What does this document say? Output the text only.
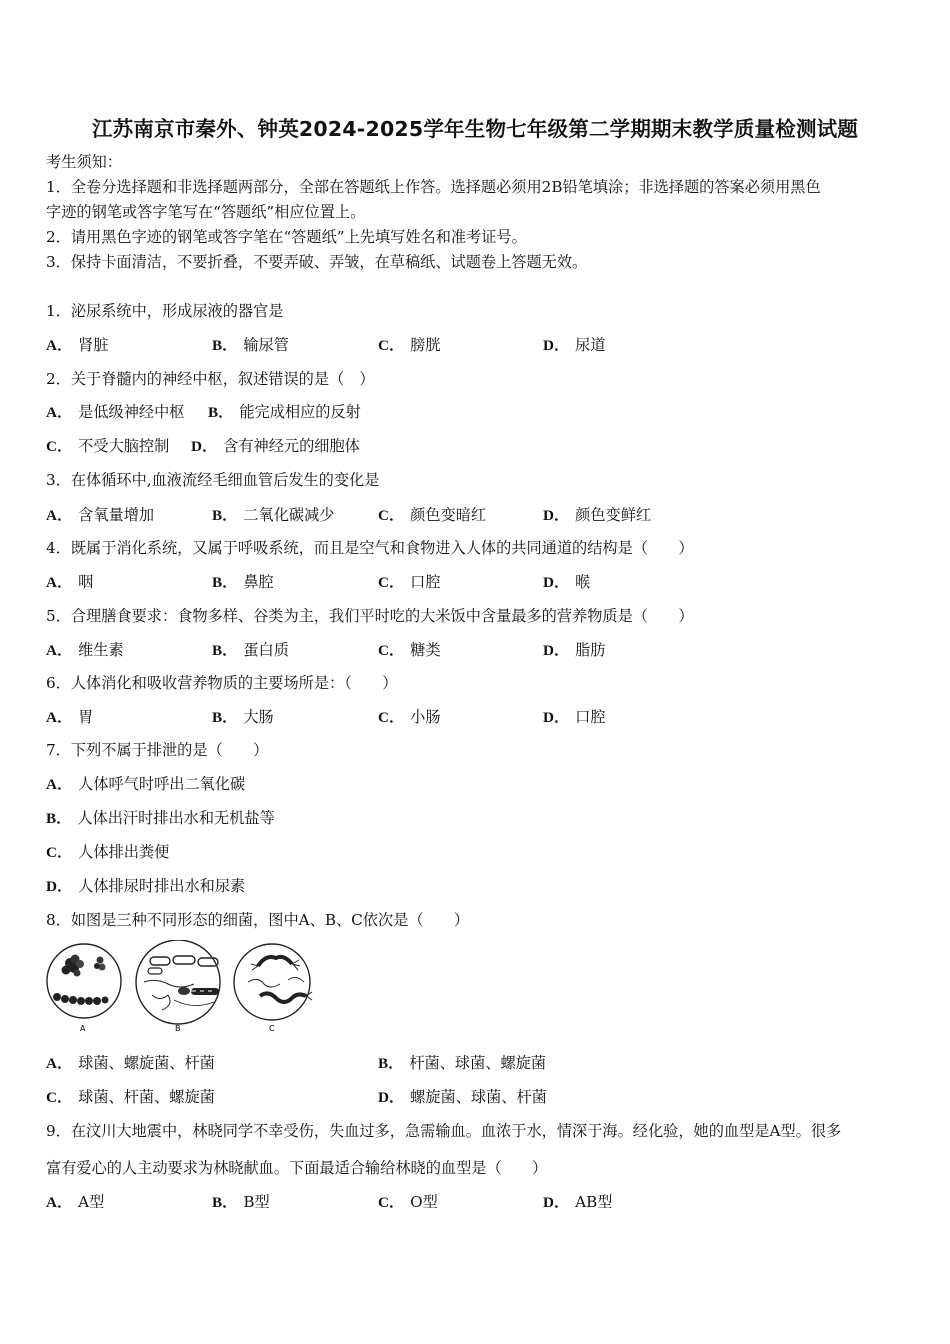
江苏南京市秦外、钟英2024-2025学年生物七年级第二学期期末教学质量检测试题
考生须知：
1．全卷分选择题和非选择题两部分，全部在答题纸上作答。选择题必须用2B铅笔填涂；非选择题的答案必须用黑色
字迹的钢笔或答字笔写在“答题纸”相应位置上。
2．请用黑色字迹的钢笔或答字笔在“答题纸”上先填写姓名和准考证号。
3．保持卡面清洁，不要折叠，不要弄破、弄皱，在草稿纸、试题卷上答题无效。
1．泌尿系统中，形成尿液的器官是
A． 肾脏	B． 输尿管	C． 膀胱	D． 尿道
2．关于脊髓内的神经中枢，叙述错误的是（　）
A． 是低级神经中枢 B． 能完成相应的反射
C． 不受大脑控制 D． 含有神经元的细胞体
3．在体循环中,血液流经毛细血管后发生的变化是
A． 含氧量增加	B． 二氧化碳减少	C． 颜色变暗红	D． 颜色变鲜红
4．既属于消化系统，又属于呼吸系统，而且是空气和食物进入人体的共同通道的结构是（　　）
A． 咽	B． 鼻腔	C． 口腔	D． 喉
5．合理膳食要求：食物多样、谷类为主，我们平时吃的大米饭中含量最多的营养物质是（　　）
A． 维生素	B． 蛋白质	C． 糖类	D． 脂肪
6．人体消化和吸收营养物质的主要场所是：（　　）
A． 胃	B． 大肠	C． 小肠	D． 口腔
7．下列不属于排泄的是（　　）
A． 人体呼气时呼出二氧化碳
B． 人体出汗时排出水和无机盐等
C． 人体排出粪便
D． 人体排尿时排出水和尿素
8．如图是三种不同形态的细菌，图中A、B、C依次是（　　）
A	B	C
A． 球菌、螺旋菌、杆菌	B． 杆菌、球菌、螺旋菌
C． 球菌、杆菌、螺旋菌	D． 螺旋菌、球菌、杆菌
9．在汶川大地震中，林晓同学不幸受伤，失血过多，急需输血。血浓于水，情深于海。经化验，她的血型是A型。很多
富有爱心的人主动要求为林晓献血。下面最适合输给林晓的血型是（　　）
A． A型	B． B型	C． O型	D． AB型
